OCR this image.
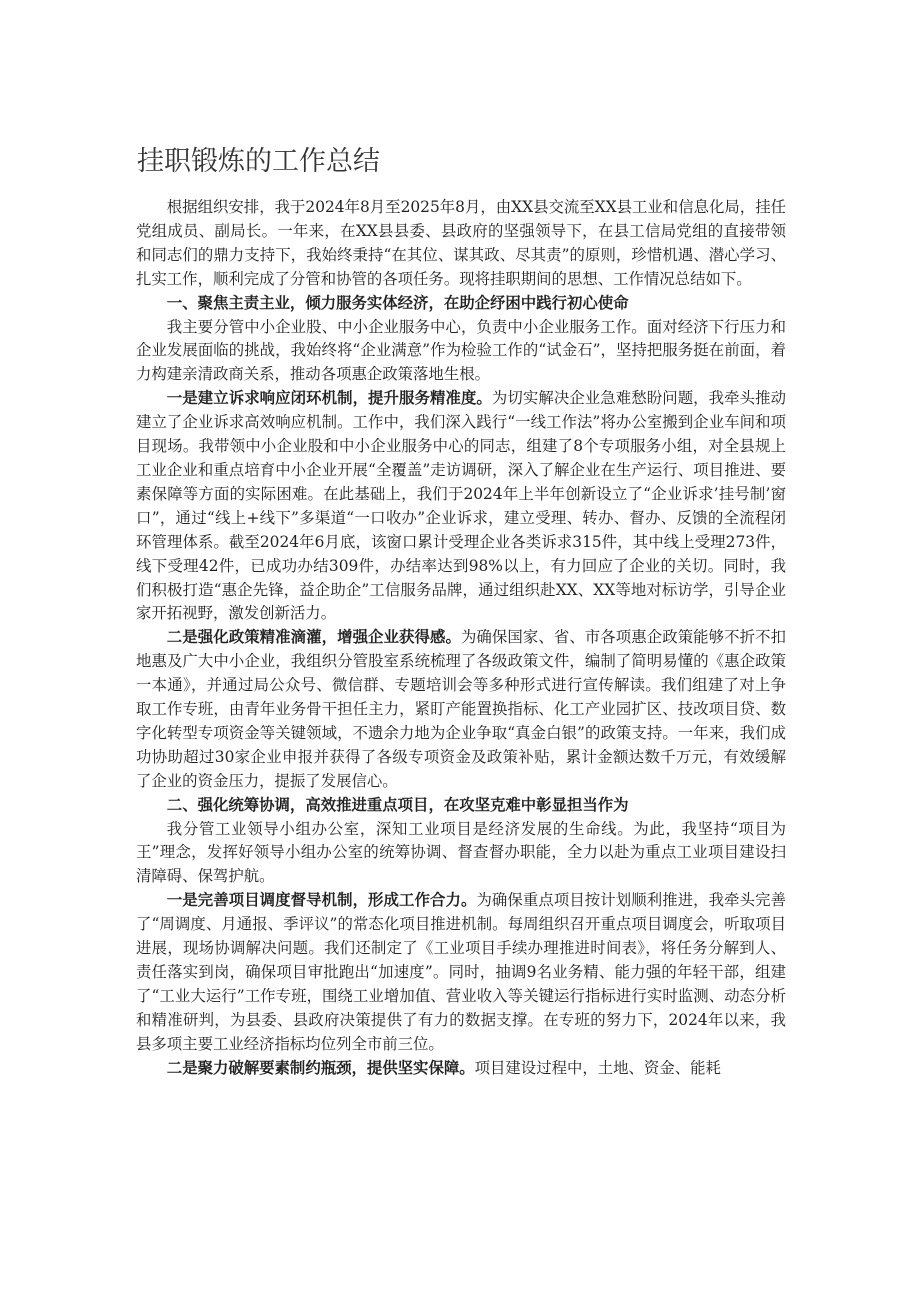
挂职锻炼的工作总结

根据组织安排，我于2024年8月至2025年8月，由XX县交流至XX县工业和信息化局，挂任党组成员、副局长。一年来，在XX县县委、县政府的坚强领导下，在县工信局党组的直接带领和同志们的鼎力支持下，我始终秉持“在其位、谋其政、尽其责”的原则，珍惜机遇、潜心学习、扎实工作，顺利完成了分管和协管的各项任务。现将挂职期间的思想、工作情况总结如下。

一、聚焦主责主业，倾力服务实体经济，在助企纾困中践行初心使命

我主要分管中小企业股、中小企业服务中心，负责中小企业服务工作。面对经济下行压力和企业发展面临的挑战，我始终将“企业满意”作为检验工作的“试金石”，坚持把服务挺在前面，着力构建亲清政商关系，推动各项惠企政策落地生根。

一是建立诉求响应闭环机制，提升服务精准度。为切实解决企业急难愁盼问题，我牵头推动建立了企业诉求高效响应机制。工作中，我们深入践行“一线工作法”将办公室搬到企业车间和项目现场。我带领中小企业股和中小企业服务中心的同志，组建了8个专项服务小组，对全县规上工业企业和重点培育中小企业开展“全覆盖”走访调研，深入了解企业在生产运行、项目推进、要素保障等方面的实际困难。在此基础上，我们于2024年上半年创新设立了“企业诉求’挂号制’窗口”，通过“线上+线下”多渠道“一口收办”企业诉求，建立受理、转办、督办、反馈的全流程闭环管理体系。截至2024年6月底，该窗口累计受理企业各类诉求315件，其中线上受理273件，线下受理42件，已成功办结309件，办结率达到98%以上，有力回应了企业的关切。同时，我们积极打造“惠企先锋，益企助企”工信服务品牌，通过组织赴XX、XX等地对标访学，引导企业家开拓视野，激发创新活力。

二是强化政策精准滴灌，增强企业获得感。为确保国家、省、市各项惠企政策能够不折不扣地惠及广大中小企业，我组织分管股室系统梳理了各级政策文件，编制了简明易懂的《惠企政策一本通》，并通过局公众号、微信群、专题培训会等多种形式进行宣传解读。我们组建了对上争取工作专班，由青年业务骨干担任主力，紧盯产能置换指标、化工产业园扩区、技改项目贷、数字化转型专项资金等关键领域，不遗余力地为企业争取“真金白银”的政策支持。一年来，我们成功协助超过30家企业申报并获得了各级专项资金及政策补贴，累计金额达数千万元，有效缓解了企业的资金压力，提振了发展信心。

二、强化统筹协调，高效推进重点项目，在攻坚克难中彰显担当作为

我分管工业领导小组办公室，深知工业项目是经济发展的生命线。为此，我坚持“项目为王”理念，发挥好领导小组办公室的统筹协调、督查督办职能，全力以赴为重点工业项目建设扫清障碍、保驾护航。

一是完善项目调度督导机制，形成工作合力。为确保重点项目按计划顺利推进，我牵头完善了“周调度、月通报、季评议”的常态化项目推进机制。每周组织召开重点项目调度会，听取项目进展，现场协调解决问题。我们还制定了《工业项目手续办理推进时间表》，将任务分解到人、责任落实到岗，确保项目审批跑出“加速度”。同时，抽调9名业务精、能力强的年轻干部，组建了“工业大运行”工作专班，围绕工业增加值、营业收入等关键运行指标进行实时监测、动态分析和精准研判，为县委、县政府决策提供了有力的数据支撑。在专班的努力下，2024年以来，我县多项主要工业经济指标均位列全市前三位。

二是聚力破解要素制约瓶颈，提供坚实保障。项目建设过程中，土地、资金、能耗
